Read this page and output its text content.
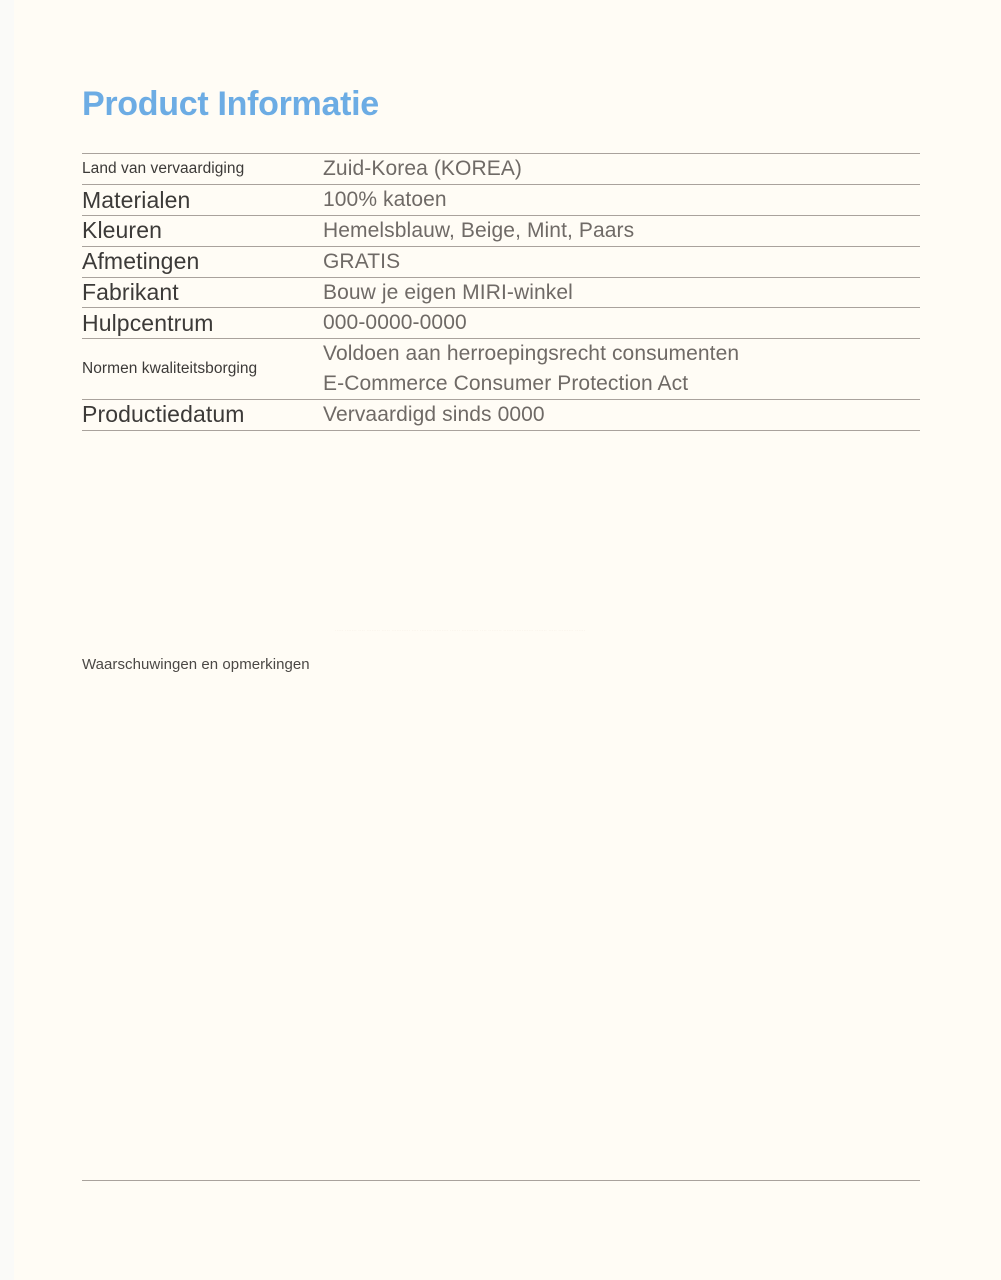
Product Informatie
Land van vervaardiging	Zuid-Korea (KOREA)

Materialen	100% katoen

Kleuren	Hemelsblauw, Beige, Mint, Paars

Afmetingen	GRATIS

Fabrikant	Bouw je eigen MIRI-winkel

Hulpcentrum	000-0000-0000

Normen kwaliteitsborging	Voldoen aan herroepingsrecht consumenten
E-Commerce Consumer Protection Act

Productiedatum	Vervaardigd sinds 0000
····· ······· ···· ········ ····· ··········· ···· ······· ········· ······ ·········· ···· ········ ······ ··········· ······· ····· ········· ······
Waarschuwingen en opmerkingen
